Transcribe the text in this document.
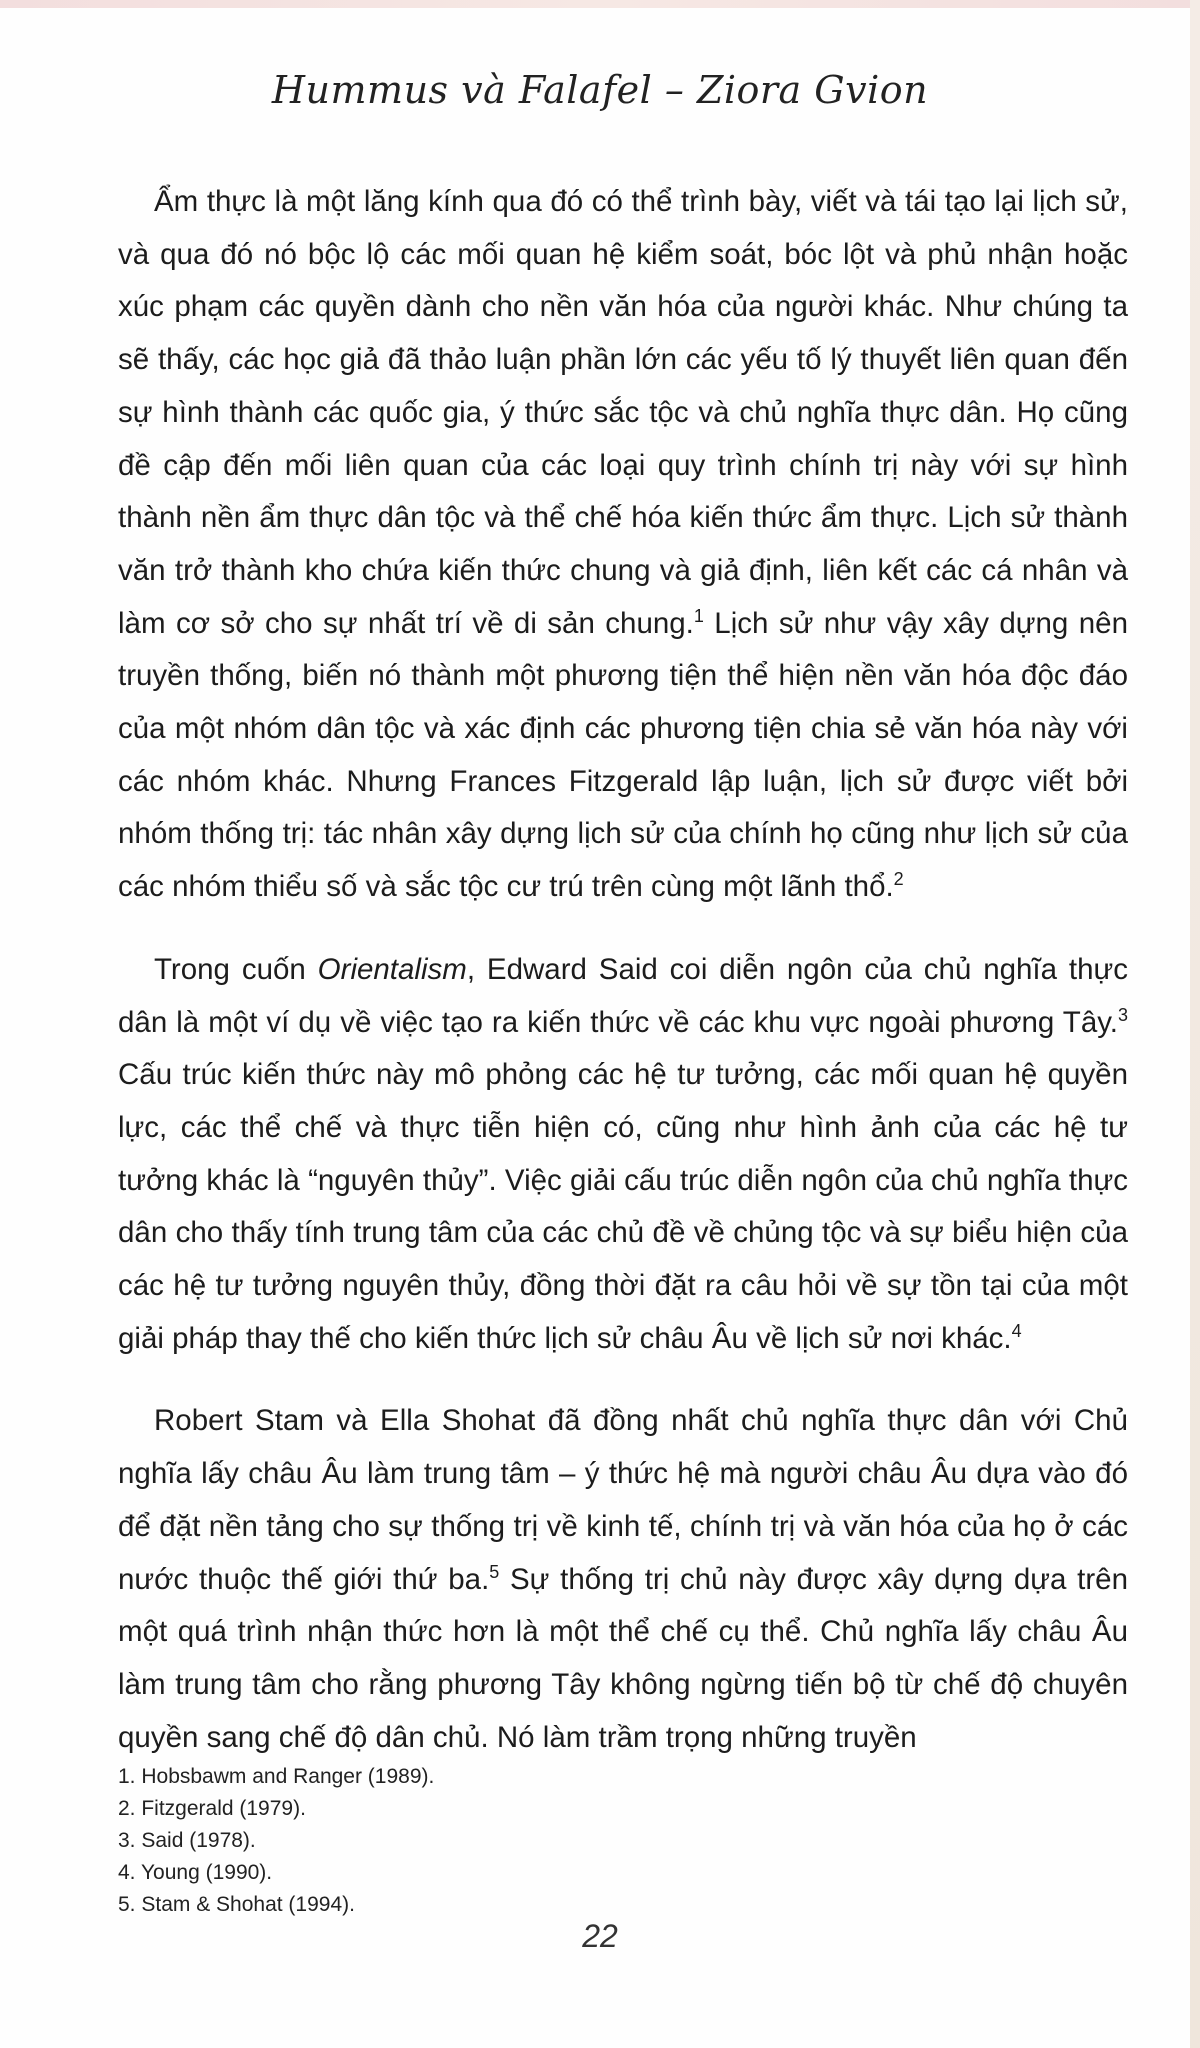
Hummus và Falafel – Ziora Gvion

Ẩm thực là một lăng kính qua đó có thể trình bày, viết và tái tạo lại lịch sử, và qua đó nó bộc lộ các mối quan hệ kiểm soát, bóc lột và phủ nhận hoặc xúc phạm các quyền dành cho nền văn hóa của người khác. Như chúng ta sẽ thấy, các học giả đã thảo luận phần lớn các yếu tố lý thuyết liên quan đến sự hình thành các quốc gia, ý thức sắc tộc và chủ nghĩa thực dân. Họ cũng đề cập đến mối liên quan của các loại quy trình chính trị này với sự hình thành nền ẩm thực dân tộc và thể chế hóa kiến thức ẩm thực. Lịch sử thành văn trở thành kho chứa kiến thức chung và giả định, liên kết các cá nhân và làm cơ sở cho sự nhất trí về di sản chung.$^1$ Lịch sử như vậy xây dựng nên truyền thống, biến nó thành một phương tiện thể hiện nền văn hóa độc đáo của một nhóm dân tộc và xác định các phương tiện chia sẻ văn hóa này với các nhóm khác. Nhưng Frances Fitzgerald lập luận, lịch sử được viết bởi nhóm thống trị: tác nhân xây dựng lịch sử của chính họ cũng như lịch sử của các nhóm thiểu số và sắc tộc cư trú trên cùng một lãnh thổ.$^2$

Trong cuốn Orientalism, Edward Said coi diễn ngôn của chủ nghĩa thực dân là một ví dụ về việc tạo ra kiến thức về các khu vực ngoài phương Tây.$^3$ Cấu trúc kiến thức này mô phỏng các hệ tư tưởng, các mối quan hệ quyền lực, các thể chế và thực tiễn hiện có, cũng như hình ảnh của các hệ tư tưởng khác là “nguyên thủy”. Việc giải cấu trúc diễn ngôn của chủ nghĩa thực dân cho thấy tính trung tâm của các chủ đề về chủng tộc và sự biểu hiện của các hệ tư tưởng nguyên thủy, đồng thời đặt ra câu hỏi về sự tồn tại của một giải pháp thay thế cho kiến thức lịch sử châu Âu về lịch sử nơi khác.$^4$

Robert Stam và Ella Shohat đã đồng nhất chủ nghĩa thực dân với Chủ nghĩa lấy châu Âu làm trung tâm – ý thức hệ mà người châu Âu dựa vào đó để đặt nền tảng cho sự thống trị về kinh tế, chính trị và văn hóa của họ ở các nước thuộc thế giới thứ ba.$^5$ Sự thống trị chủ này được xây dựng dựa trên một quá trình nhận thức hơn là một thể chế cụ thể. Chủ nghĩa lấy châu Âu làm trung tâm cho rằng phương Tây không ngừng tiến bộ từ chế độ chuyên quyền sang chế độ dân chủ. Nó làm trầm trọng những truyền

1. Hobsbawm and Ranger (1989).
2. Fitzgerald (1979).
3. Said (1978).
4. Young (1990).
5. Stam & Shohat (1994).
22
